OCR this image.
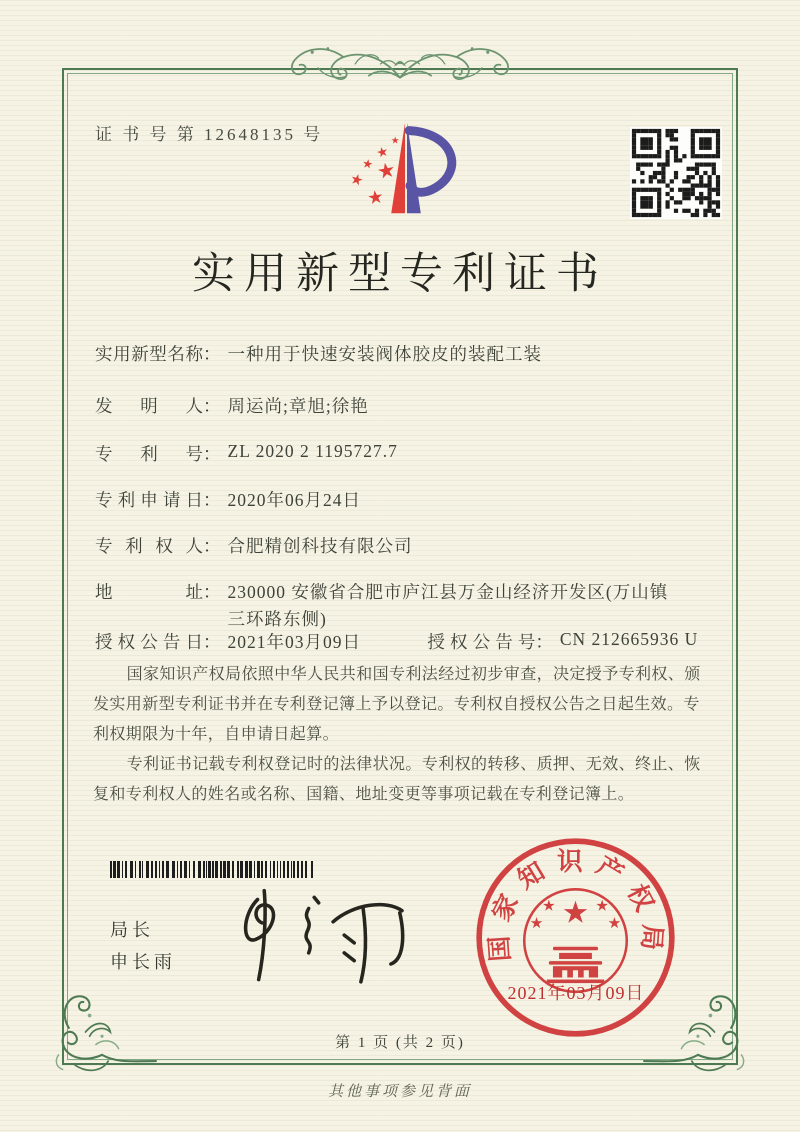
证 书 号 第 12648135 号
实用新型专利证书
实用新型名称： 一种用于快速安装阀体胶皮的装配工装
发明人： 周运尚;章旭;徐艳
专利号： ZL 2020 2 1195727.7
专利申请日： 2020年06月24日
专利权人： 合肥精创科技有限公司
地址： 230000 安徽省合肥市庐江县万金山经济开发区(万山镇三环路东侧)
授权公告日： 2021年03月09日	授权公告号： CN 212665936 U

国家知识产权局依照中华人民共和国专利法经过初步审查，决定授予专利权、颁发实用新型专利证书并在专利登记簿上予以登记。专利权自授权公告之日起生效。专利权期限为十年，自申请日起算。

专利证书记载专利权登记时的法律状况。专利权的转移、质押、无效、终止、恢复和专利权人的姓名或名称、国籍、地址变更等事项记载在专利登记簿上。

局长
申长雨	国家知识产权局
2021年03月09日
第 1 页 (共 2 页)
其他事项参见背面
